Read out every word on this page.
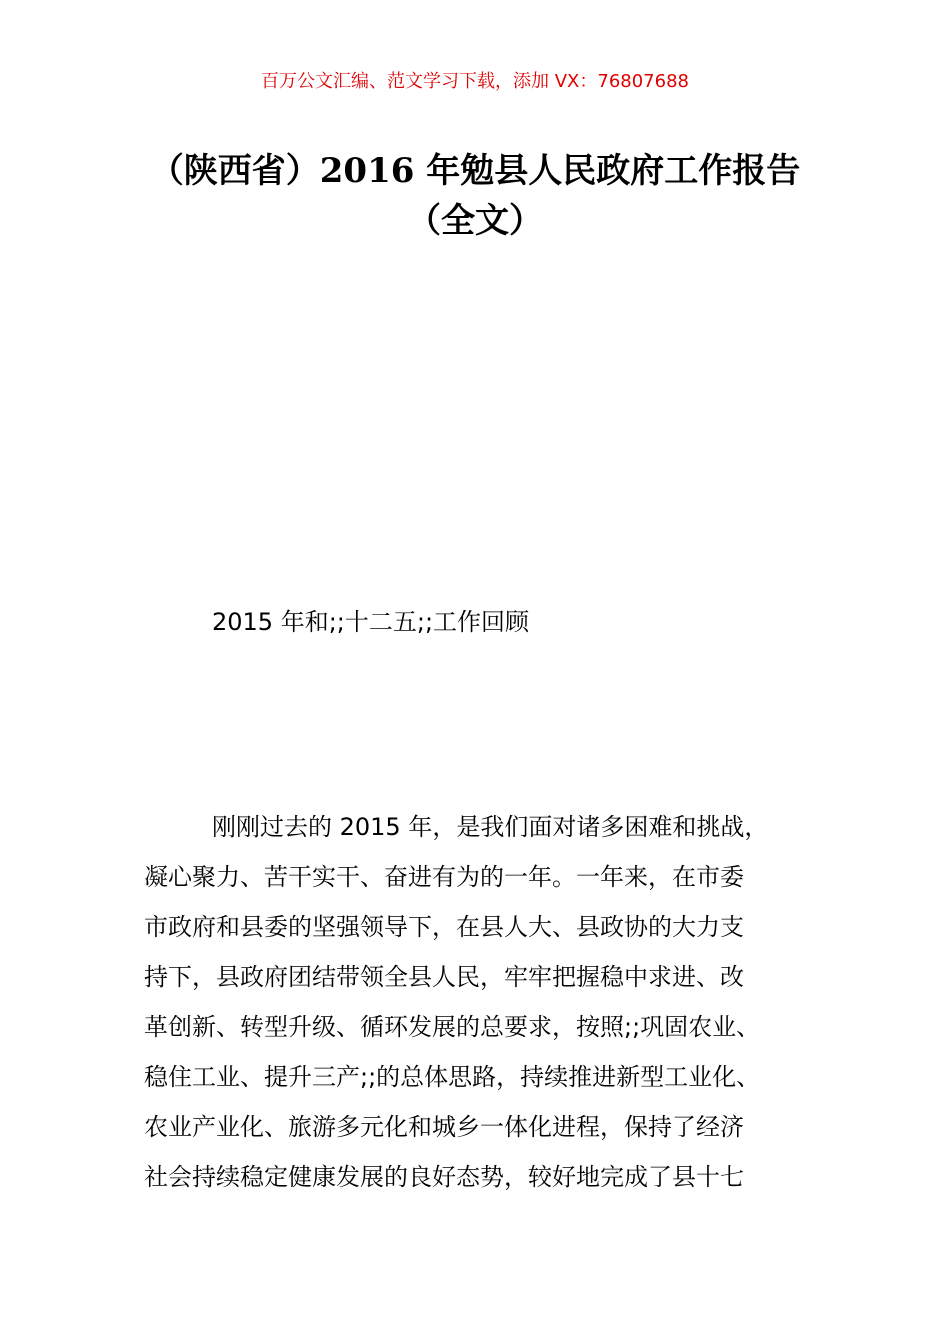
百万公文汇编、范文学习下载，添加 VX：76807688
（陕西省）2016 年勉县人民政府工作报告
（全文）
2015 年和;;十二五;;工作回顾
刚刚过去的 2015 年，是我们面对诸多困难和挑战，
凝心聚力、苦干实干、奋进有为的一年。一年来，在市委
市政府和县委的坚强领导下，在县人大、县政协的大力支
持下，县政府团结带领全县人民，牢牢把握稳中求进、改
革创新、转型升级、循环发展的总要求，按照;;巩固农业、
稳住工业、提升三产;;的总体思路，持续推进新型工业化、
农业产业化、旅游多元化和城乡一体化进程，保持了经济
社会持续稳定健康发展的良好态势，较好地完成了县十七
